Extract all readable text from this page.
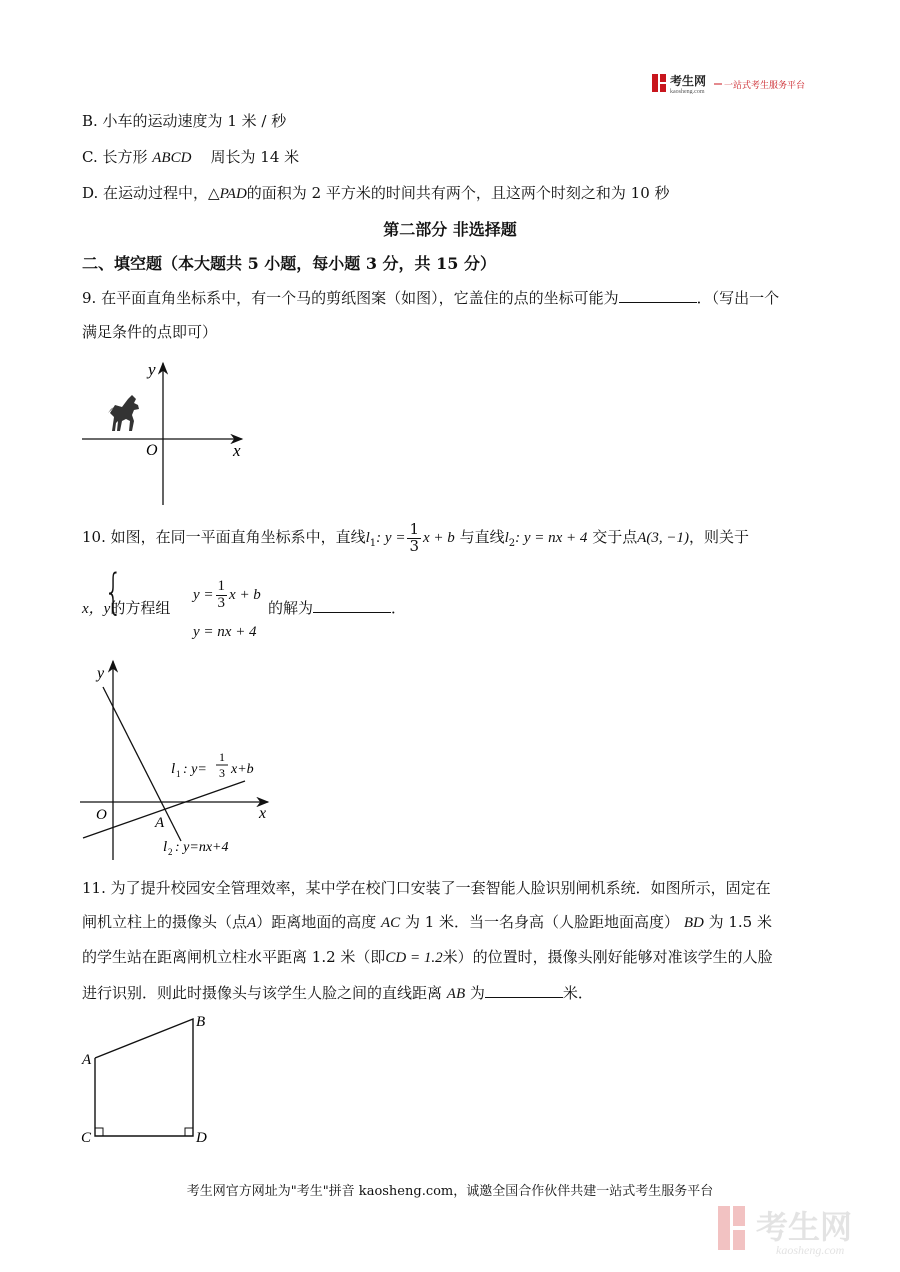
考生网
kaosheng.com
一站式考生服务平台
B. 小车的运动速度为 1 米 / 秒
C. 长方形 ABCD 周长为 14 米
D. 在运动过程中，△PAD的面积为 2 平方米的时间共有两个，且这两个时刻之和为 10 秒
第二部分 非选择题
二、填空题（本大题共 5 小题，每小题 3 分，共 15 分）
9. 在平面直角坐标系中，有一个马的剪纸图案（如图），它盖住的点的坐标可能为	．（写出一个
满足条件的点即可）
y
x
O
10. 如图，在同一平面直角坐标系中，直线$l_1$: $y = \frac{1}{3}$ x + b 与直线$l_2$: y = nx + 4 交于点A(3, −1)，则关于
x，y的方程组
{	$y = \frac{1}{3}$ x + b
y = nx + 4
的解为	．
y
x
O	A
l 1 : y=
1
3 x+b
l 2 : y=nx+4
11. 为了提升校园安全管理效率，某中学在校门口安装了一套智能人脸识别闸机系统．如图所示，固定在
闸机立柱上的摄像头（点A）距离地面的高度 AC 为 1 米．当一名身高（人脸距地面高度） BD 为 1.5 米
的学生站在距离闸机立柱水平距离 1.2 米（即CD = 1.2米）的位置时，摄像头刚好能够对准该学生的人脸
进行识别．则此时摄像头与该学生人脸之间的直线距离 AB 为	米．
A
B
C	D
考生网官方网址为"考生"拼音 kaosheng.com，诚邀全国合作伙伴共建一站式考生服务平台
考生网
kaosheng.com
